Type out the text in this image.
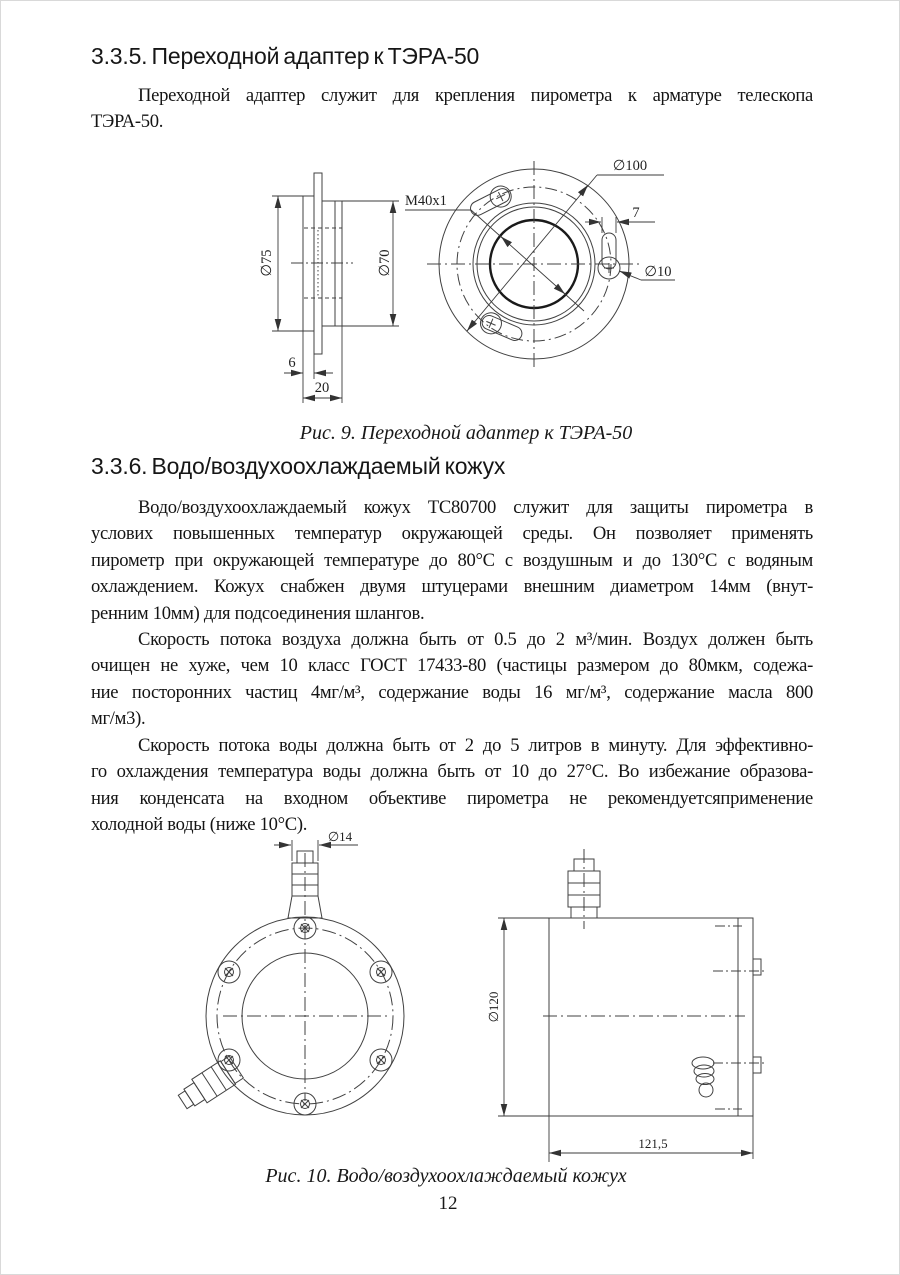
3.3.5. Переходной адаптер к ТЭРА-50
Переходной адаптер служит для крепления пирометра к арматуре телескопа
ТЭРА-50.
∅75	∅70
6
20
∅100
M40x1
7
∅10
Рис. 9. Переходной адаптер к ТЭРА-50
3.3.6. Водо/воздухоохлаждаемый кожух
Водо/воздухоохлаждаемый кожух ТС80700 служит для защиты пирометра в
услових повышенных температур окружающей среды. Он позволяет применять
пирометр при окружающей температуре до 80°С с воздушным и до 130°С с водяным
охлаждением. Кожух снабжен двумя штуцерами внешним диаметром 14мм (внут-
ренним 10мм) для подсоединения шлангов.
Скорость потока воздуха должна быть от 0.5 до 2 м³/мин. Воздух должен быть
очищен не хуже, чем 10 класс ГОСТ 17433-80 (частицы размером до 80мкм, содежа-
ние посторонних частиц 4мг/м³, содержание воды 16 мг/м³, содержание масла 800
мг/м3).
Скорость потока воды должна быть от 2 до 5 литров в минуту. Для эффективно-
го охлаждения температура воды должна быть от 10 до 27°С. Во избежание образова-
ния конденсата на входном объективе пирометра не рекомендуетсяприменение
холодной воды (ниже 10°С).
∅14
∅120
121,5
Рис. 10. Водо/воздухоохлаждаемый кожух
12
